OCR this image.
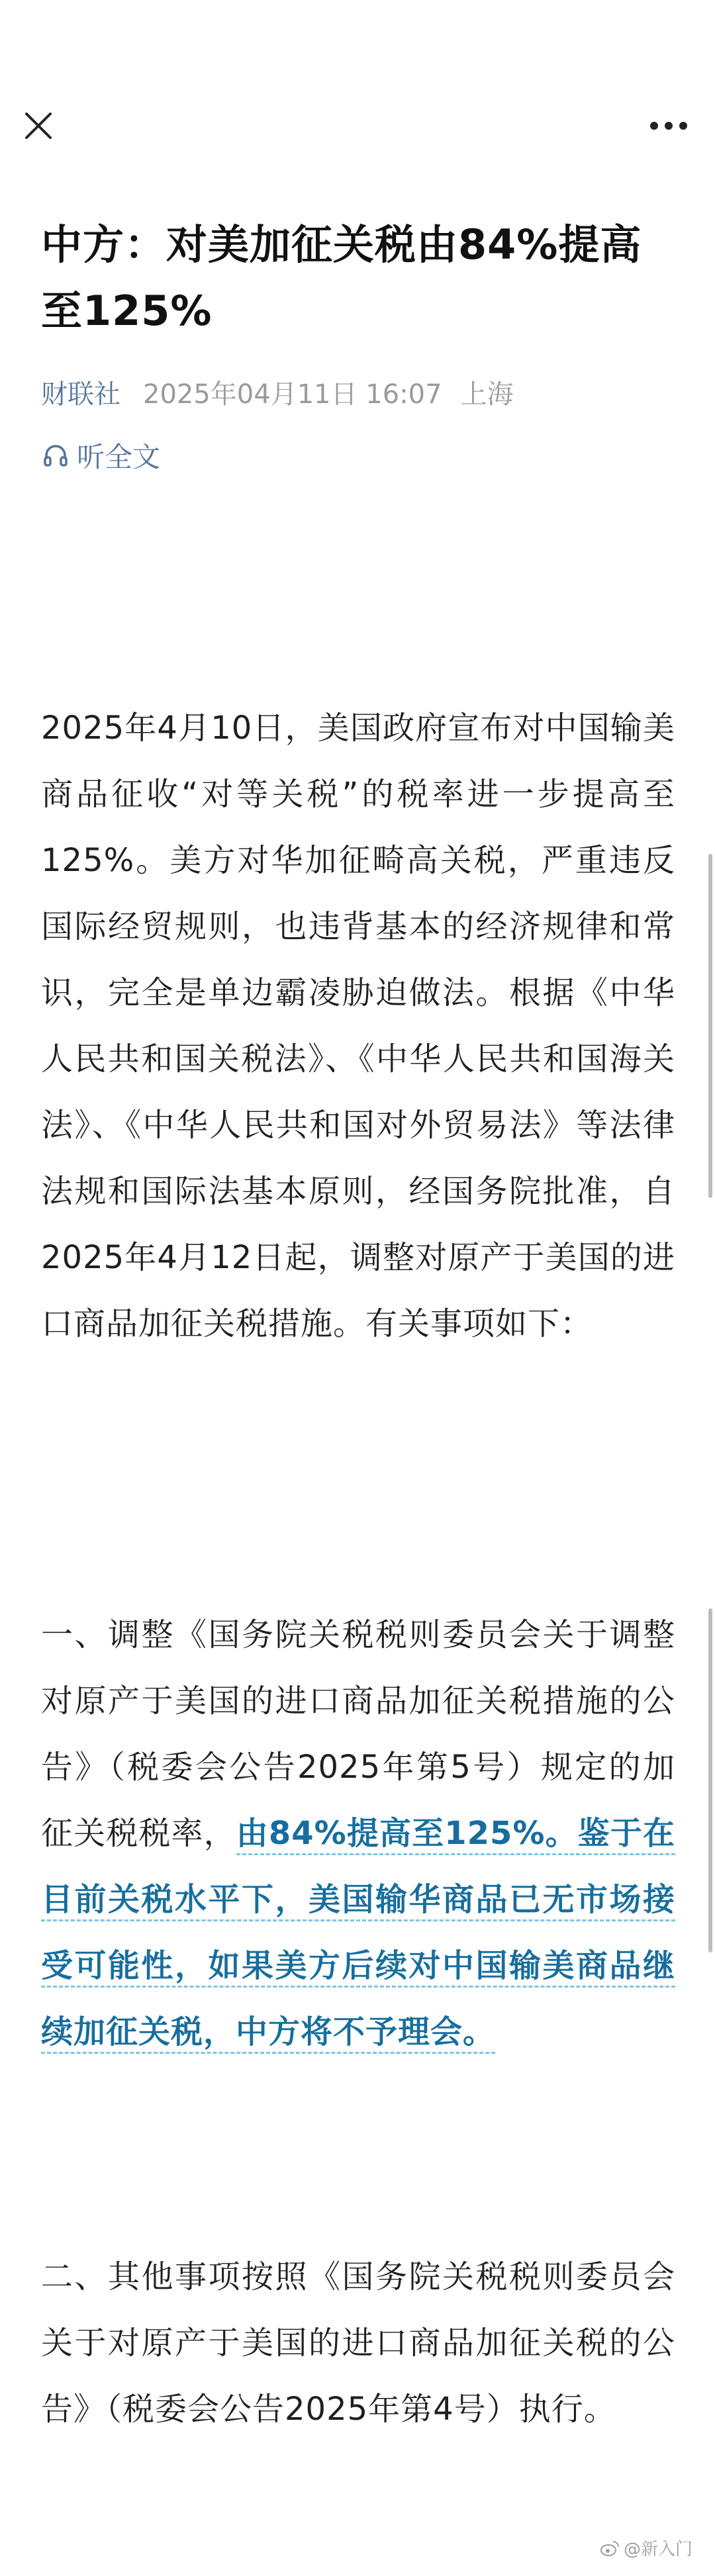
中方：对美加征关税由84%提高至125%
财联社 2025年04月11日 16:07 上海
听全文

2025年4月10日，美国政府宣布对中国输美商品征收“对等关税”的税率进一步提高至125%。美方对华加征畸高关税，严重违反国际经贸规则，也违背基本的经济规律和常识，完全是单边霸凌胁迫做法。根据《中华人民共和国关税法》、《中华人民共和国海关法》、《中华人民共和国对外贸易法》等法律法规和国际法基本原则，经国务院批准，自2025年4月12日起，调整对原产于美国的进口商品加征关税措施。有关事项如下：

一、调整《国务院关税税则委员会关于调整对原产于美国的进口商品加征关税措施的公告》（税委会公告2025年第5号）规定的加征关税税率，由84%提高至125%。鉴于在目前关税水平下，美国输华商品已无市场接受可能性，如果美方后续对中国输美商品继续加征关税，中方将不予理会。

二、其他事项按照《国务院关税税则委员会关于对原产于美国的进口商品加征关税的公告》（税委会公告2025年第4号）执行。

@新入门
